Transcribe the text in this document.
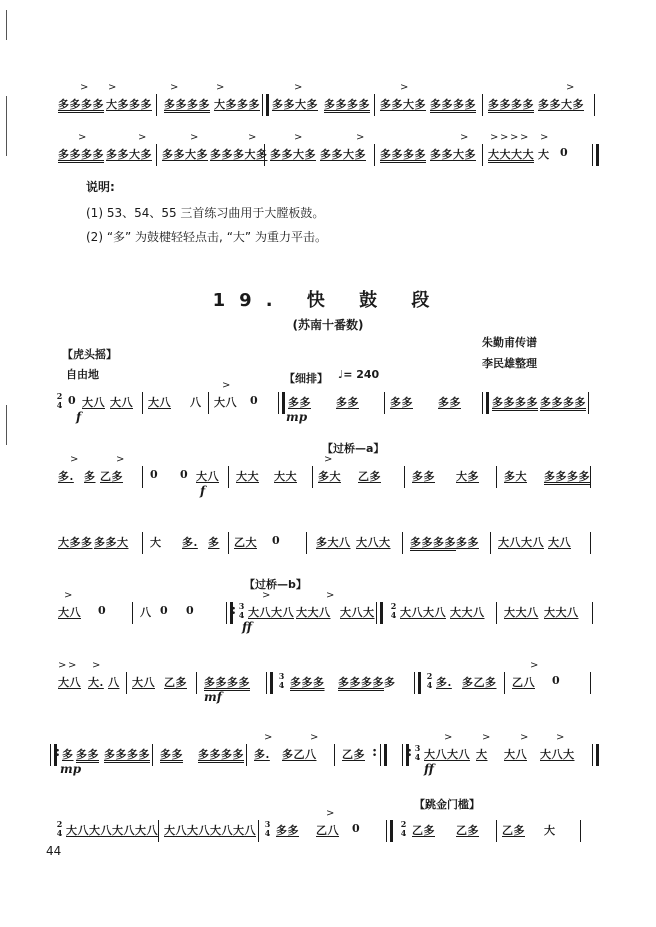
> >	>	>	>	>	>
多多多多 大多多多 多多多多 大多多多 多多大多 多多多多 多多大多 多多多多 多多多多 多多大多
>	>	>	>	>	>	> > > > > >
多多多多 多多大多 多多大多 多多多大多 多多大多 多多大多 多多多多 多多大多 大大大大 大 0
说明:
(1) 53、54、55 三首练习曲用于大膛板鼓。
(2) “多” 为鼓楗轻轻点击, “大” 为重力平击。
19. 快 鼓 段
(苏南十番数)
朱勤甫传谱
李民雄整理
【虎头摇】
自由地	【细排】 ♩= 240
2
4 0 大八 大八
f
大八 八
>
大八 0	多多 多多
mp
多多 多多	多多多多 多多多多
【过桥—a】
>	>
多. 多 乙多 0 0 大八
f
大大 大大
>
多大 乙多	多多 大多 多大 多多多多
大多多 多多大 大 多. 多 乙大 0	多大八 大八大 多多多多 多多 大八大八 大八
【过桥—b】
>
大八 0	八 0 0 :	3
4
>	>
大八大八 大大八 大八大
ff
2
4 大八大八 大大八 大大八 大大八
> > >
大八 大. 八 大八 乙多 多多多多
mf
3
4 多多多 多多多多 多	2
4 多. 多乙多
>
乙八 0
:
多 多多 多多多多
mp
多多 多多多多
>	>
多. 多乙八 乙多 : :	3
4
>	>	>	>
大八大八 大 大八 大八大
ff
【跳金门槛】
2
4 大八大八 大八大八 大八大八 大八大八 3
4
>
多多 乙八 0	2
4 乙多 乙多 乙多 大
44
